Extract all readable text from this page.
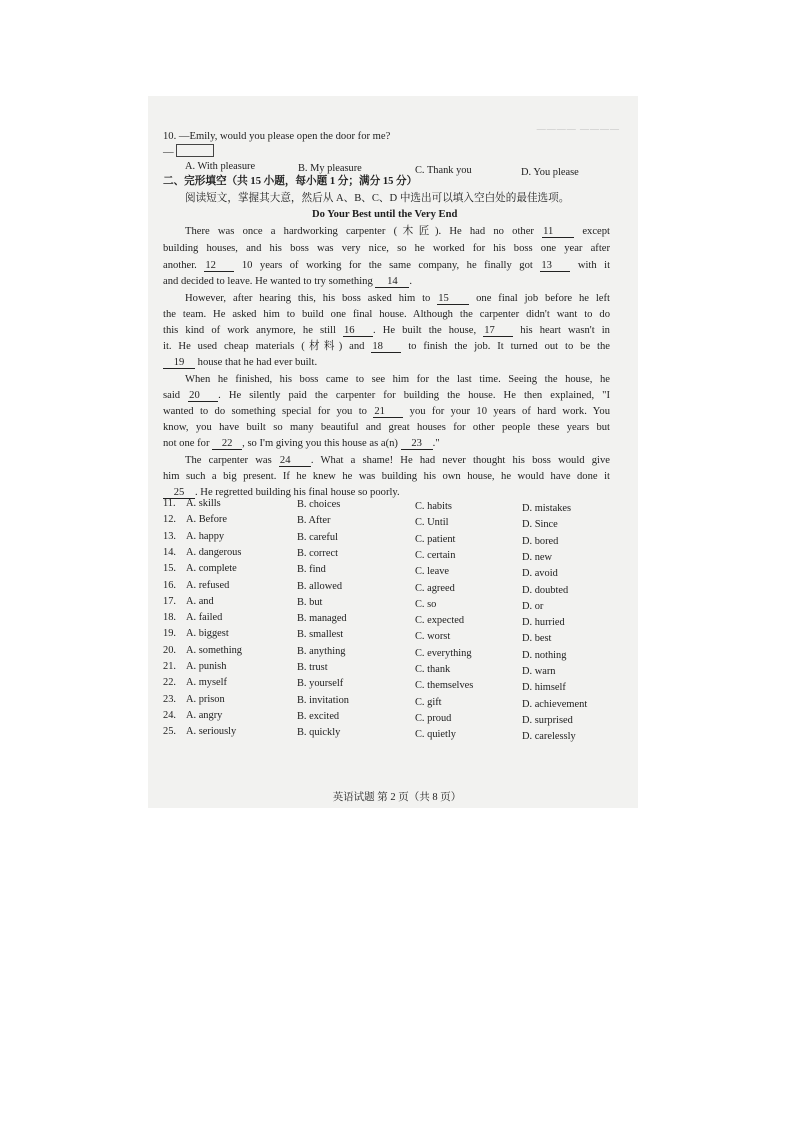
———— ————
10. —Emily, would you please open the door for me?
—
A. With pleasure	B. My pleasure	C. Thank you	D. You please
二、完形填空（共 15 小题，每小题 1 分；满分 15 分）
阅读短文，掌握其大意，然后从 A、B、C、D 中选出可以填入空白处的最佳选项。
Do Your Best until the Very End
There was once a hardworking carpenter (木匠). He had no other 11	except
building houses, and his boss was very nice, so he worked for his boss one year after
another. 12 10 years of working for the same company, he finally got 13 with it
and decided to leave. He wanted to try something 14 .
However, after hearing this, his boss asked him to 15	one final job before he left
the team. He asked him to build one final house. Although the carpenter didn't want to do
this kind of work anymore, he still 16 . He built the house, 17 his heart wasn't in
it. He used cheap materials (材料) and 18 to finish the job. It turned out to be the
19 house that he had ever built.
When he finished, his boss came to see him for the last time. Seeing the house, he
said 20 . He silently paid the carpenter for building the house. He then explained, "I
wanted to do something special for you to 21 you for your 10 years of hard work. You
know, you have built so many beautiful and great houses for other people these years but
not one for 22 , so I'm giving you this house as a(n) 23 ."
The carpenter was 24 . What a shame! He had never thought his boss would give
him such a big present. If he knew he was building his own house, he would have done it
25 . He regretted building his final house so poorly.
11. A. skills	B. choices	C. habits	D. mistakes
12. A. Before	B. After	C. Until	D. Since
13. A. happy	B. careful	C. patient	D. bored
14. A. dangerous	B. correct	C. certain	D. new
15. A. complete	B. find	C. leave	D. avoid
16. A. refused	B. allowed	C. agreed	D. doubted
17. A. and	B. but	C. so	D. or
18. A. failed	B. managed	C. expected	D. hurried
19. A. biggest	B. smallest	C. worst	D. best
20. A. something	B. anything	C. everything	D. nothing
21. A. punish	B. trust	C. thank	D. warn
22. A. myself	B. yourself	C. themselves	D. himself
23. A. prison	B. invitation	C. gift	D. achievement
24. A. angry	B. excited	C. proud	D. surprised
25. A. seriously	B. quickly	C. quietly	D. carelessly
英语试题 第 2 页（共 8 页）
